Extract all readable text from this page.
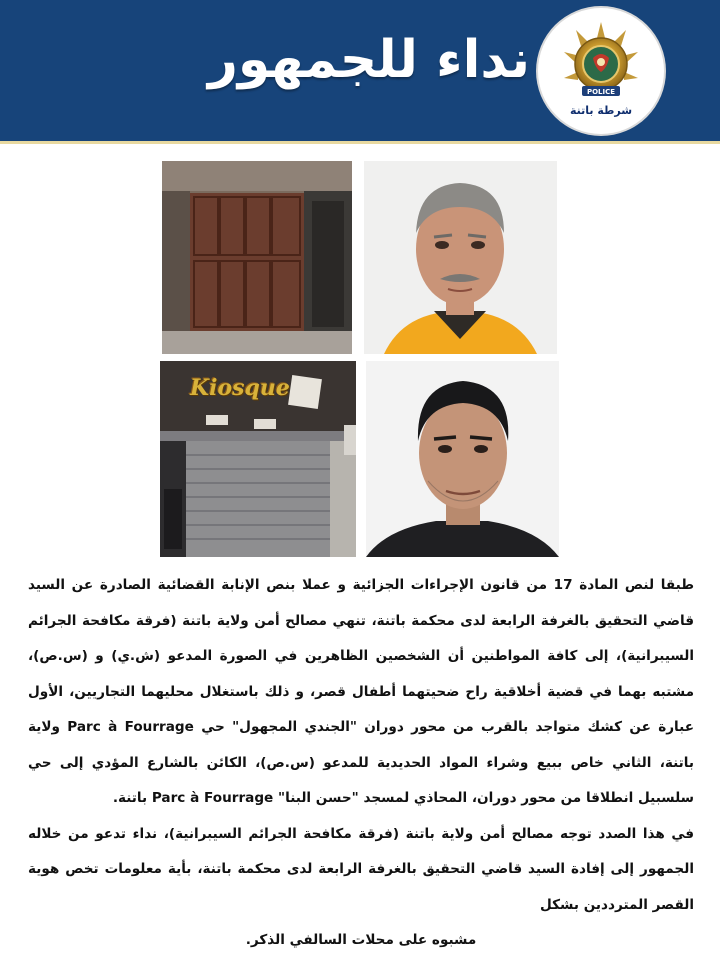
نداء للجمهور
POLICE
شرطة باتنة
Kiosque

طبقا لنص المادة 17 من قانون الإجراءات الجزائية و عملا بنص الإنابة القضائية الصادرة عن السيد قاضي التحقيق بالغرفة الرابعة لدى محكمة باتنة، تنهي مصالح أمن ولاية باتنة (فرقة مكافحة الجرائم السيبرانية)، إلى كافة المواطنين أن الشخصين الظاهرين في الصورة المدعو (ش.ي) و (س.ص)، مشتبه بهما في قضية أخلاقية راح ضحيتهما أطفال قصر، و ذلك باستغلال محليهما التجاريين، الأول عبارة عن كشك متواجد بالقرب من محور دوران "الجندي المجهول" حي Parc à Fourrage ولاية باتنة، الثاني خاص ببيع وشراء المواد الحديدية للمدعو (س.ص)، الكائن بالشارع المؤدي إلى حي سلسبيل انطلاقا من محور دوران، المحاذي لمسجد "حسن البنا" Parc à Fourrage باتنة.

في هذا الصدد توجه مصالح أمن ولاية باتنة (فرقة مكافحة الجرائم السيبرانية)، نداء تدعو من خلاله الجمهور إلى إفادة السيد قاضي التحقيق بالغرفة الرابعة لدى محكمة باتنة، بأية معلومات تخص هوية القصر المترددين بشكل

مشبوه على محلات السالفي الذكر.
